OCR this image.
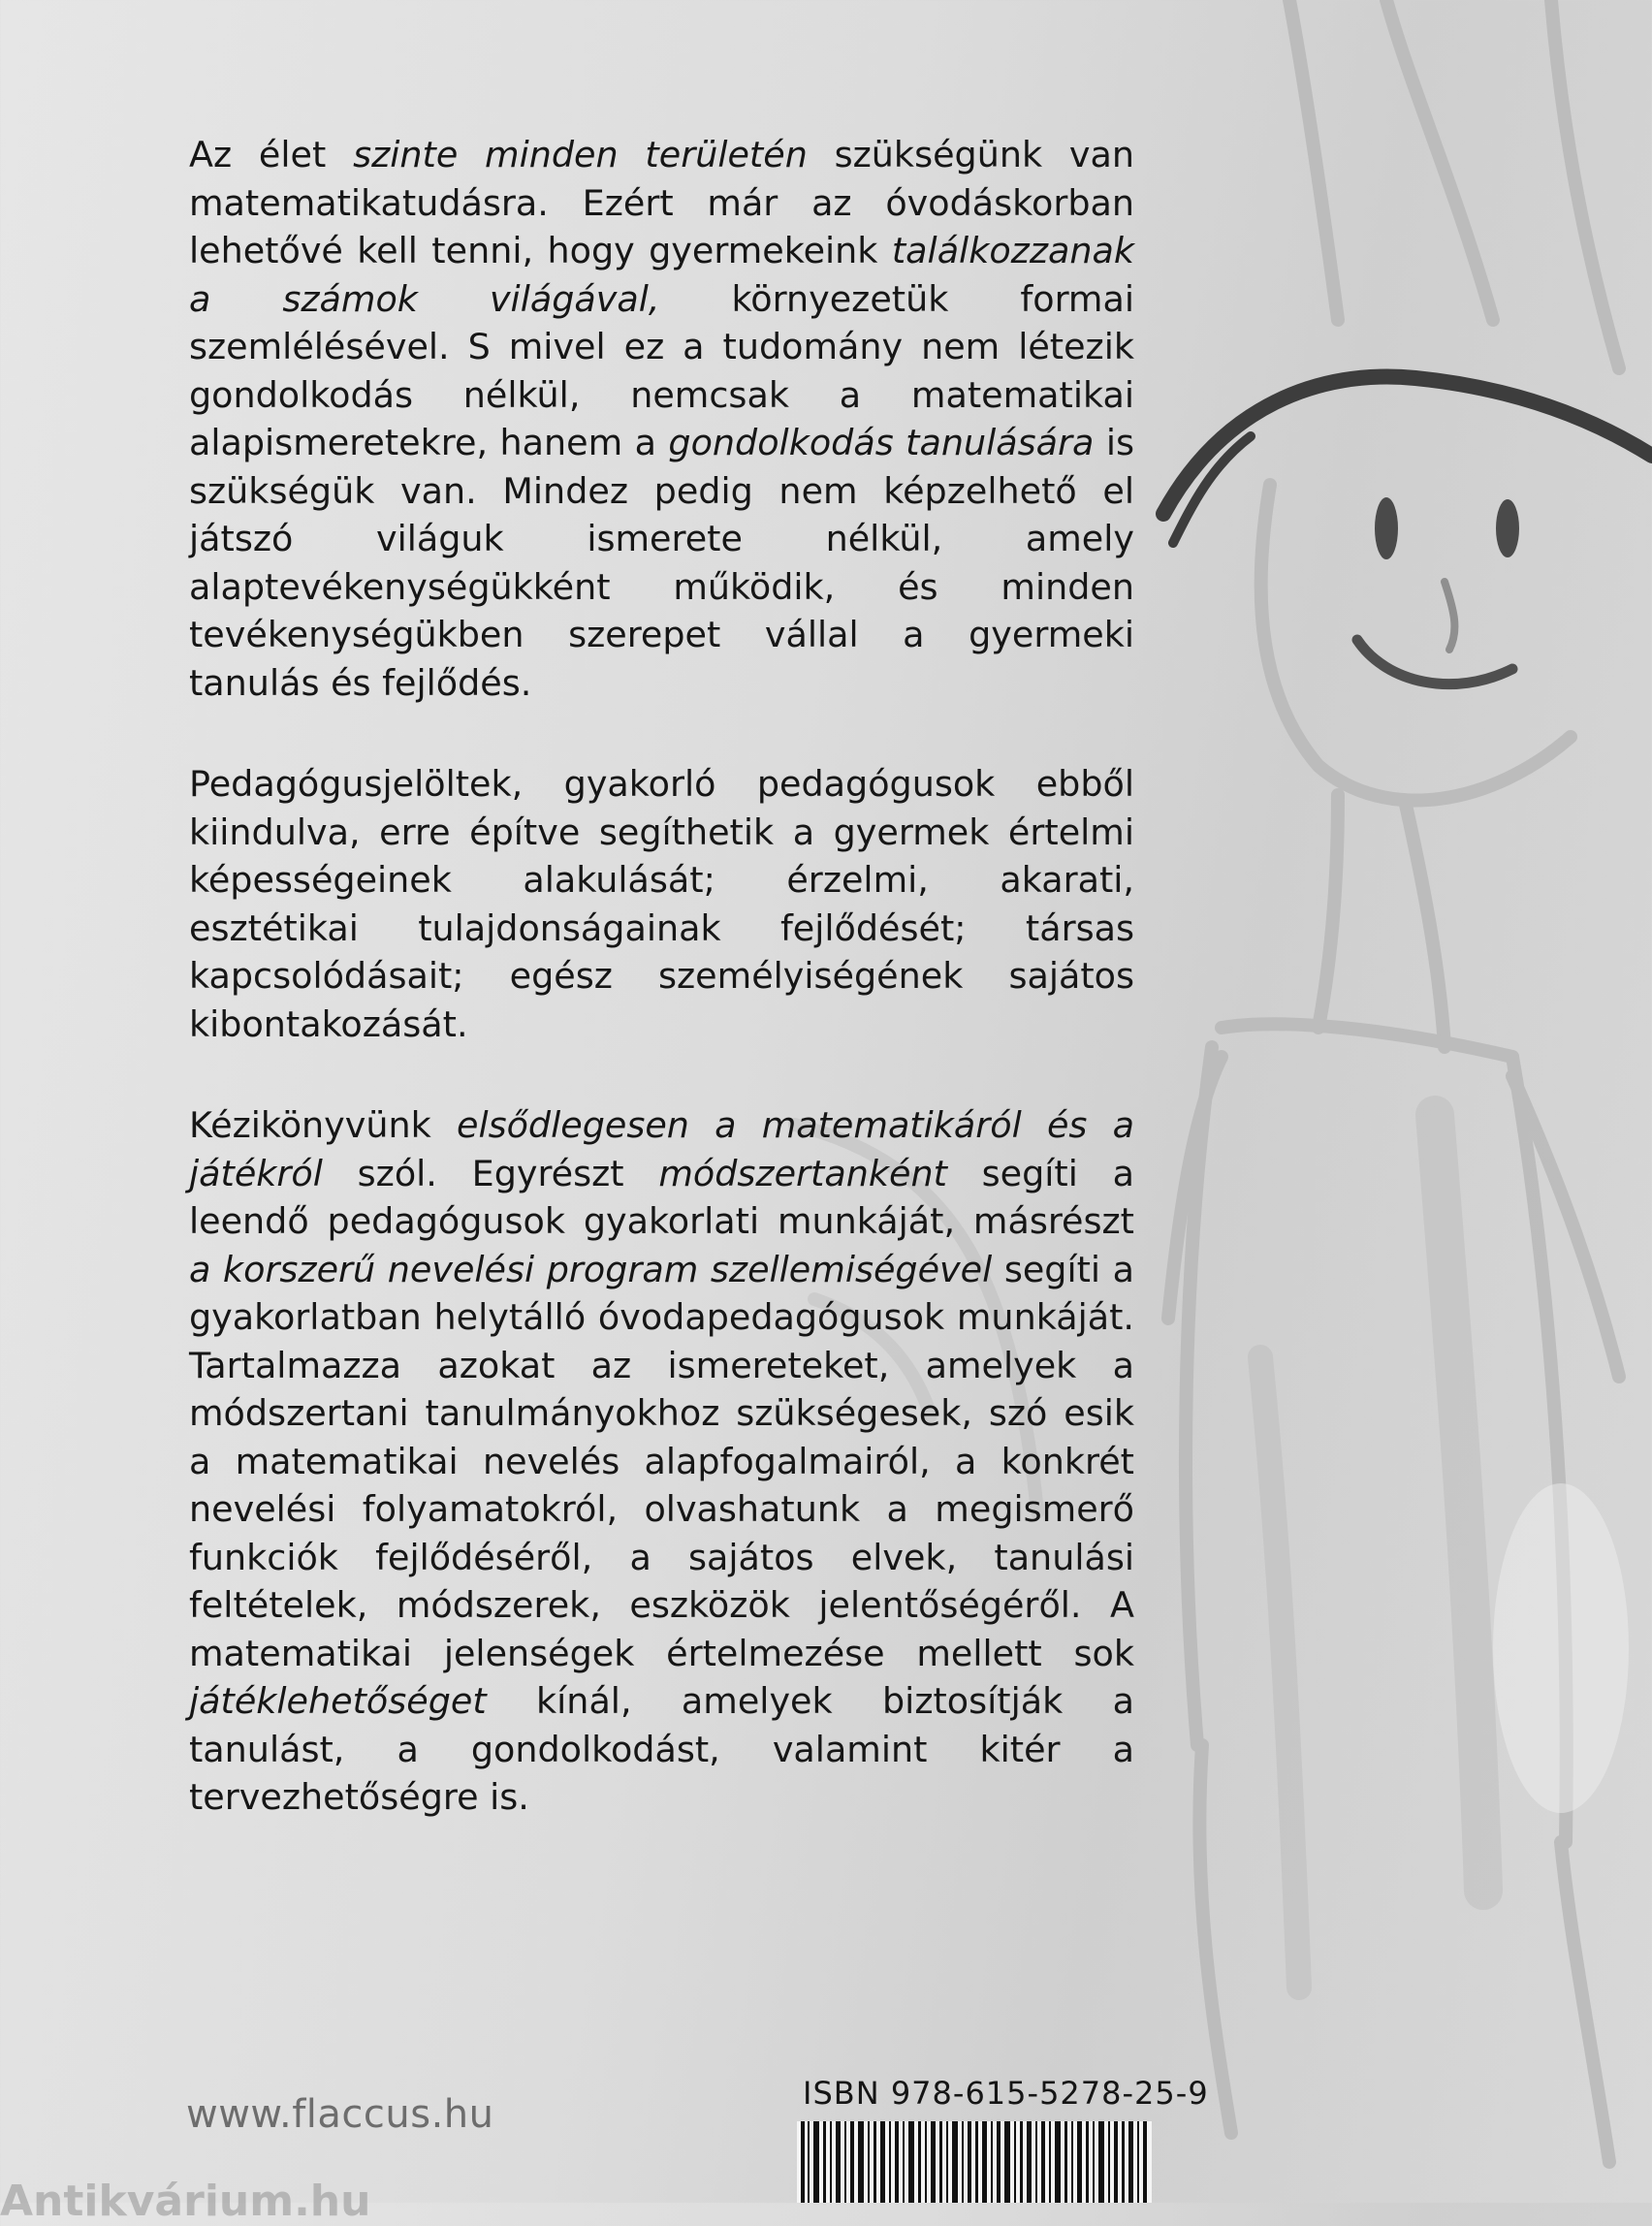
Az élet szinte minden területén szükségünk van matematikatudásra. Ezért már az óvodáskorban lehetővé kell tenni, hogy gyermekeink találkozzanak a számok világával, környezetük formai szemlélésével. S mivel ez a tudomány nem létezik gondolkodás nélkül, nemcsak a matematikai alapismeretekre, hanem a gondolkodás tanulására is szükségük van. Mindez pedig nem képzelhető el játszó világuk ismerete nélkül, amely alaptevékenységükként működik, és minden tevékenységükben szerepet vállal a gyermeki tanulás és fejlődés.

Pedagógusjelöltek, gyakorló pedagógusok ebből kiindulva, erre építve segíthetik a gyermek értelmi képességeinek alakulását; érzelmi, akarati, esztétikai tulajdonságainak fejlődését; társas kapcsolódásait; egész személyiségének sajátos kibontakozását.

Kézikönyvünk elsődlegesen a matematikáról és a játékról szól. Egyrészt módszertanként segíti a leendő pedagógusok gyakorlati munkáját, másrészt a korszerű nevelési program szellemiségével segíti a gyakorlatban helytálló óvodapedagógusok munkáját. Tartalmazza azokat az ismereteket, amelyek a módszertani tanulmányokhoz szükségesek, szó esik a matematikai nevelés alapfogalmairól, a konkrét nevelési folyamatokról, olvashatunk a megismerő funkciók fejlődéséről, a sajátos elvek, tanulási feltételek, módszerek, eszközök jelentőségéről. A matematikai jelenségek értelmezése mellett sok játéklehetőséget kínál, amelyek biztosítják a tanulást, a gondolkodást, valamint kitér a tervezhetőségre is.

www.flaccus.hu	ISBN 978-615-5278-25-9
Antikvárium.hu
